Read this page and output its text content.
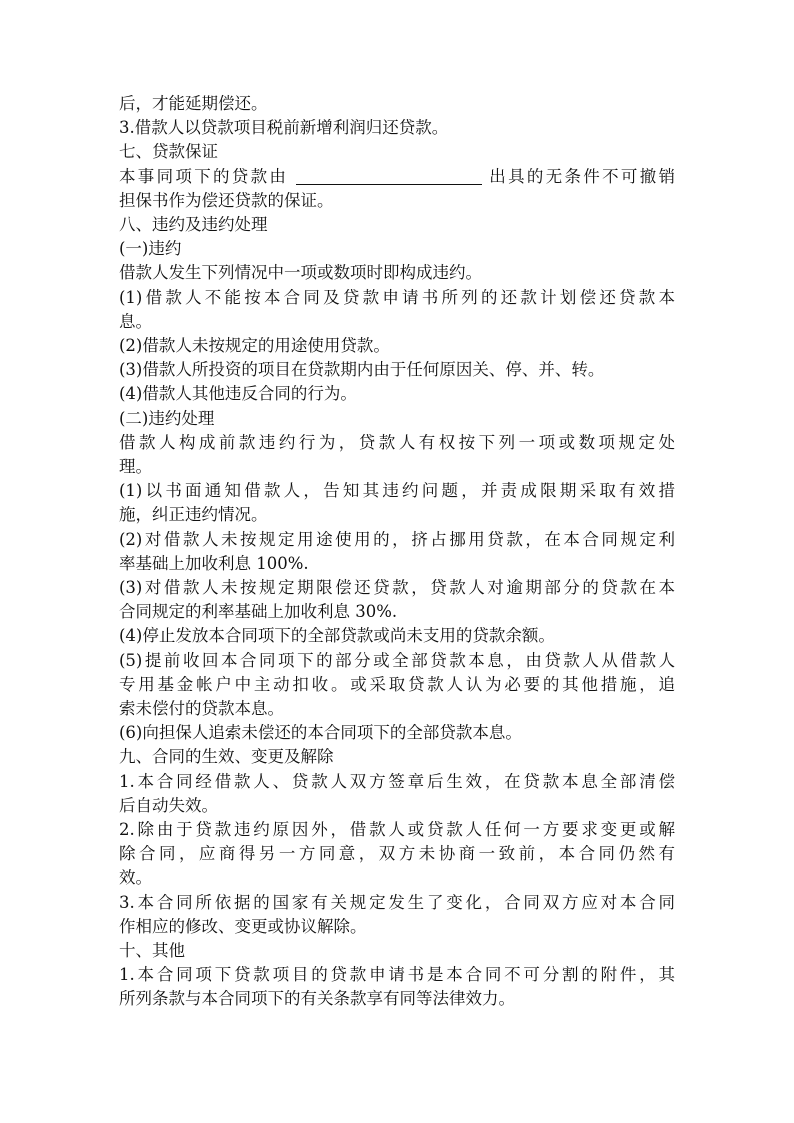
后，才能延期偿还。

3.借款人以贷款项目税前新增利润归还贷款。

七、贷款保证

本事同项下的贷款由	出具的无条件不可撤销

担保书作为偿还贷款的保证。

八、违约及违约处理

(一)违约

借款人发生下列情况中一项或数项时即构成违约。

(1)借款人不能按本合同及贷款申请书所列的还款计划偿还贷款本

息。

(2)借款人未按规定的用途使用贷款。

(3)借款人所投资的项目在贷款期内由于任何原因关、停、并、转。

(4)借款人其他违反合同的行为。

(二)违约处理

借款人构成前款违约行为，贷款人有权按下列一项或数项规定处

理。

(1)以书面通知借款人，告知其违约问题，并责成限期采取有效措

施，纠正违约情况。

(2)对借款人未按规定用途使用的，挤占挪用贷款，在本合同规定利

率基础上加收利息 100%.

(3)对借款人未按规定期限偿还贷款，贷款人对逾期部分的贷款在本

合同规定的利率基础上加收利息 30%.

(4)停止发放本合同项下的全部贷款或尚未支用的贷款余额。

(5)提前收回本合同项下的部分或全部贷款本息，由贷款人从借款人

专用基金帐户中主动扣收。或采取贷款人认为必要的其他措施，追

索未偿付的贷款本息。

(6)向担保人追索未偿还的本合同项下的全部贷款本息。

九、合同的生效、变更及解除

1.本合同经借款人、贷款人双方签章后生效，在贷款本息全部清偿

后自动失效。

2.除由于贷款违约原因外，借款人或贷款人任何一方要求变更或解

除合同，应商得另一方同意，双方未协商一致前，本合同仍然有

效。

3.本合同所依据的国家有关规定发生了变化，合同双方应对本合同

作相应的修改、变更或协议解除。

十、其他

1.本合同项下贷款项目的贷款申请书是本合同不可分割的附件，其

所列条款与本合同项下的有关条款享有同等法律效力。
